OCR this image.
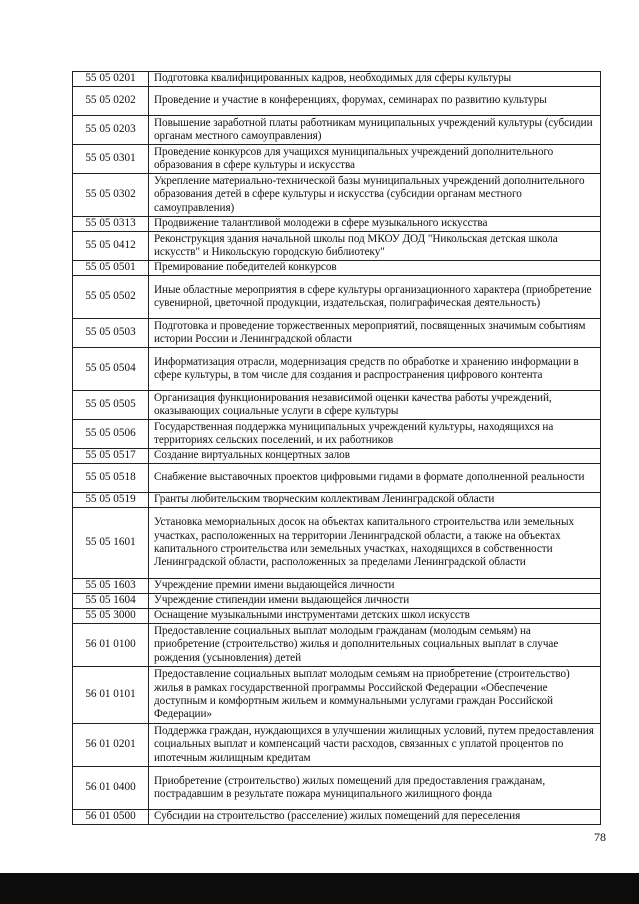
55 05 0201	Подготовка квалифицированных кадров, необходимых для сферы культуры
55 05 0202	Проведение и участие в конференциях, форумах, семинарах по развитию культуры
55 05 0203	Повышение заработной платы работникам муниципальных учреждений культуры (субсидии органам местного самоуправления)
55 05 0301	Проведение конкурсов для учащихся муниципальных учреждений дополнительного образования в сфере культуры и искусства
55 05 0302	Укрепление материально-технической базы муниципальных учреждений дополнительного образования детей в сфере культуры и искусства (субсидии органам местного самоуправления)
55 05 0313	Продвижение талантливой молодежи в сфере музыкального искусства
55 05 0412	Реконструкция здания начальной школы под МКОУ ДОД "Никольская детская школа искусств" и Никольскую городскую библиотеку"
55 05 0501	Премирование победителей конкурсов
55 05 0502	Иные областные мероприятия в сфере культуры организационного характера (приобретение сувенирной, цветочной продукции, издательская, полиграфическая деятельность)
55 05 0503	Подготовка и проведение торжественных мероприятий, посвященных значимым событиям истории России и Ленинградской области
55 05 0504	Информатизация отрасли, модернизация средств по обработке и хранению информации в сфере культуры, в том числе для создания и распространения цифрового контента
55 05 0505	Организация функционирования независимой оценки качества работы учреждений, оказывающих социальные услуги в сфере культуры
55 05 0506	Государственная поддержка муниципальных учреждений культуры, находящихся на территориях сельских поселений, и их работников
55 05 0517	Создание виртуальных концертных залов
55 05 0518	Снабжение выставочных проектов цифровыми гидами в формате дополненной реальности
55 05 0519	Гранты любительским творческим коллективам Ленинградской области
55 05 1601	Установка мемориальных досок на объектах капитального строительства или земельных участках, расположенных на территории Ленинградской области, а также на объектах капитального строительства или земельных участках, находящихся в собственности Ленинградской области, расположенных за пределами Ленинградской области
55 05 1603	Учреждение премии имени выдающейся личности
55 05 1604	Учреждение стипендии имени выдающейся личности
55 05 3000	Оснащение музыкальными инструментами детских школ искусств
56 01 0100	Предоставление социальных выплат молодым гражданам (молодым семьям) на приобретение (строительство) жилья и дополнительных социальных выплат в случае рождения (усыновления) детей
56 01 0101	Предоставление социальных выплат молодым семьям на приобретение (строительство) жилья в рамках государственной программы Российской Федерации «Обеспечение доступным и комфортным жильем и коммунальными услугами граждан Российской Федерации»
56 01 0201	Поддержка граждан, нуждающихся в улучшении жилищных условий, путем предоставления социальных выплат и компенсаций части расходов, связанных с уплатой процентов по ипотечным жилищным кредитам
56 01 0400	Приобретение (строительство) жилых помещений для предоставления гражданам, пострадавшим в результате пожара муниципального жилищного фонда
56 01 0500	Субсидии на строительство (расселение) жилых помещений для переселения
78
